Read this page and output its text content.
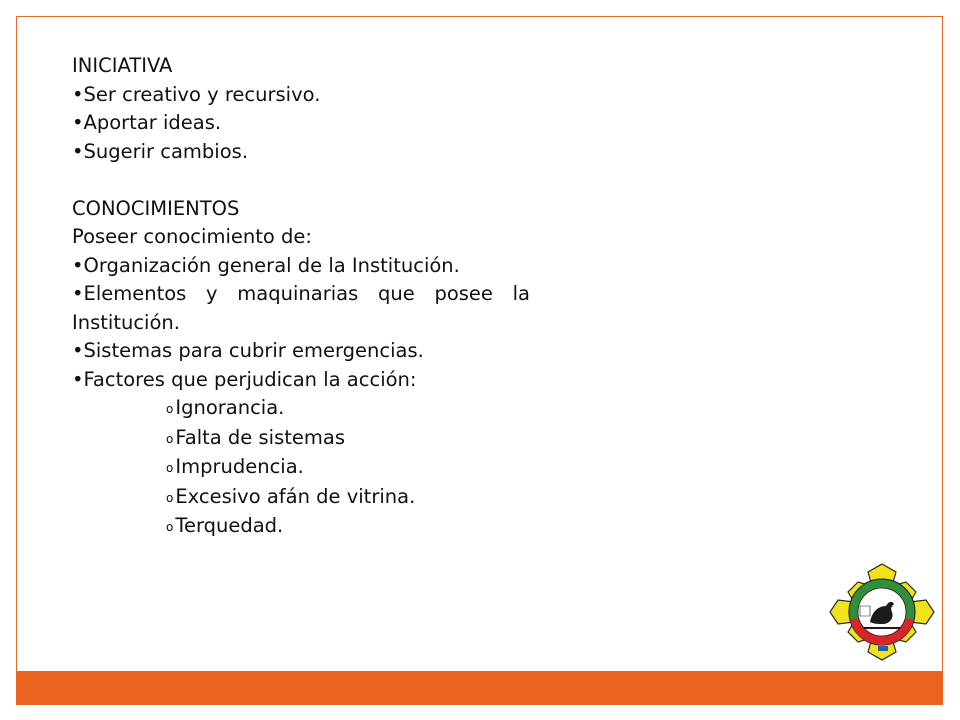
INICIATIVA
•Ser creativo y recursivo.
•Aportar ideas.
•Sugerir cambios.
CONOCIMIENTOS
Poseer conocimiento de:
•Organización general de la Institución.
•Elementos y maquinarias que posee la Institución.
•Sistemas para cubrir emergencias.
•Factores que perjudican la acción:
o Ignorancia.
o Falta de sistemas
o Imprudencia.
o Excesivo afán de vitrina.
o Terquedad.
